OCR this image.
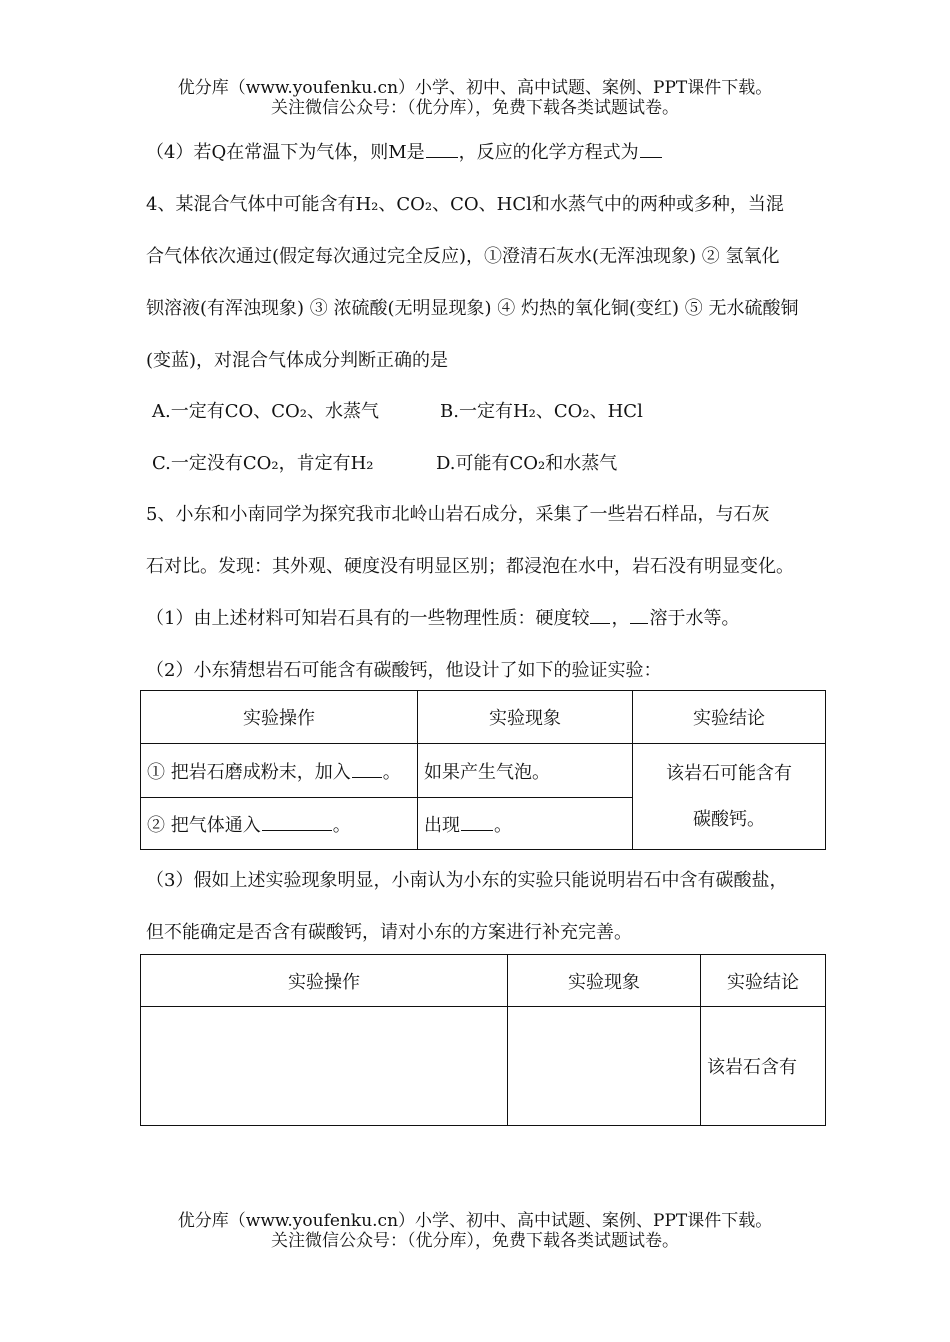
优分库（www.youfenku.cn）小学、初中、高中试题、案例、PPT课件下载。
关注微信公众号：（优分库），免费下载各类试题试卷。
（4）若Q在常温下为气体，则M是 ，反应的化学方程式为
4、某混合气体中可能含有H₂、CO₂、CO、HCl和水蒸气中的两种或多种，当混
合气体依次通过(假定每次通过完全反应)，①澄清石灰水(无浑浊现象) ② 氢氧化
钡溶液(有浑浊现象) ③ 浓硫酸(无明显现象) ④ 灼热的氧化铜(变红) ⑤ 无水硫酸铜
(变蓝)，对混合气体成分判断正确的是
A.一定有CO、CO₂、水蒸气	B.一定有H₂、CO₂、HCl
C.一定没有CO₂，肯定有H₂	D.可能有CO₂和水蒸气
5、小东和小南同学为探究我市北岭山岩石成分，采集了一些岩石样品，与石灰
石对比。发现：其外观、硬度没有明显区别；都浸泡在水中，岩石没有明显变化。
（1）由上述材料可知岩石具有的一些物理性质：硬度较 ， 溶于水等。
（2）小东猜想岩石可能含有碳酸钙，他设计了如下的验证实验：
实验操作	实验现象	实验结论
① 把岩石磨成粉末，加入 。	如果产生气泡。	该岩石可能含有
碳酸钙。

② 把气体通入 。	出现 。	
（3）假如上述实验现象明显，小南认为小东的实验只能说明岩石中含有碳酸盐，
但不能确定是否含有碳酸钙，请对小东的方案进行补充完善。
实验操作	实验现象	实验结论
		该岩石含有
优分库（www.youfenku.cn）小学、初中、高中试题、案例、PPT课件下载。
关注微信公众号：（优分库），免费下载各类试题试卷。
